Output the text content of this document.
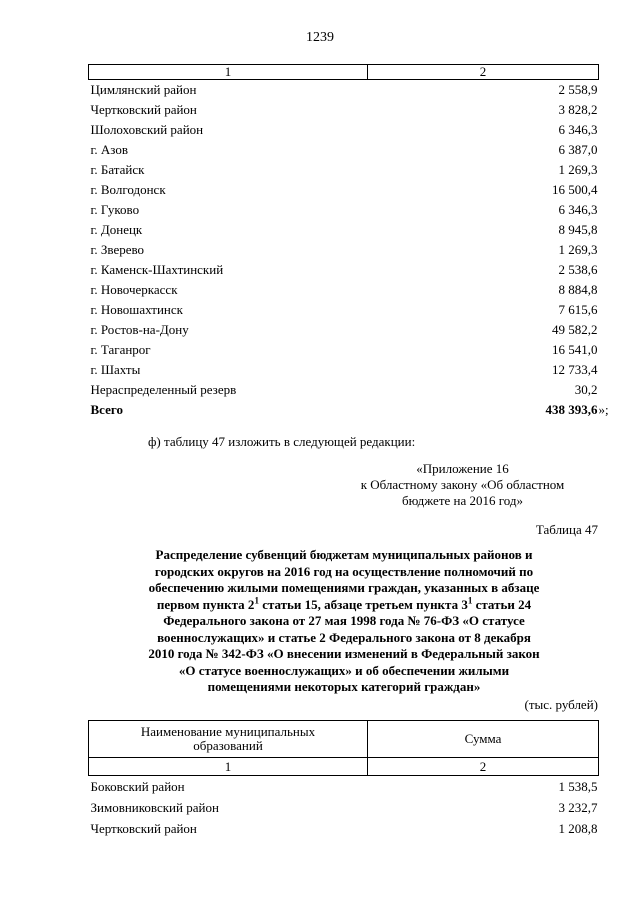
1239
1	2
Цимлянский район	2 558,9
Чертковский район	3 828,2
Шолоховский район	6 346,3
г. Азов	6 387,0
г. Батайск	1 269,3
г. Волгодонск	16 500,4
г. Гуково	6 346,3
г. Донецк	8 945,8
г. Зверево	1 269,3
г. Каменск-Шахтинский	2 538,6
г. Новочеркасск	8 884,8
г. Новошахтинск	7 615,6
г. Ростов-на-Дону	49 582,2
г. Таганрог	16 541,0
г. Шахты	12 733,4
Нераспределенный резерв	30,2
Всего	438 393,6 »;
ф) таблицу 47 изложить в следующей редакции:
«Приложение 16
к Областному закону «Об областном
бюджете на 2016 год»
Таблица 47
Распределение субвенций бюджетам муниципальных районов и
городских округов на 2016 год на осуществление полномочий по
обеспечению жилыми помещениями граждан, указанных в абзаце
первом пункта $2^1$ статьи 15, абзаце третьем пункта $3^1$ статьи 24
Федерального закона от 27 мая 1998 года № 76-ФЗ «О статусе
военнослужащих» и статье 2 Федерального закона от 8 декабря
2010 года № 342-ФЗ «О внесении изменений в Федеральный закон
«О статусе военнослужащих» и об обеспечении жилыми
помещениями некоторых категорий граждан»
(тыс. рублей)
Наименование муниципальных
образований	Сумма
1	2
Боковский район	1 538,5
Зимовниковский район	3 232,7
Чертковский район	1 208,8
